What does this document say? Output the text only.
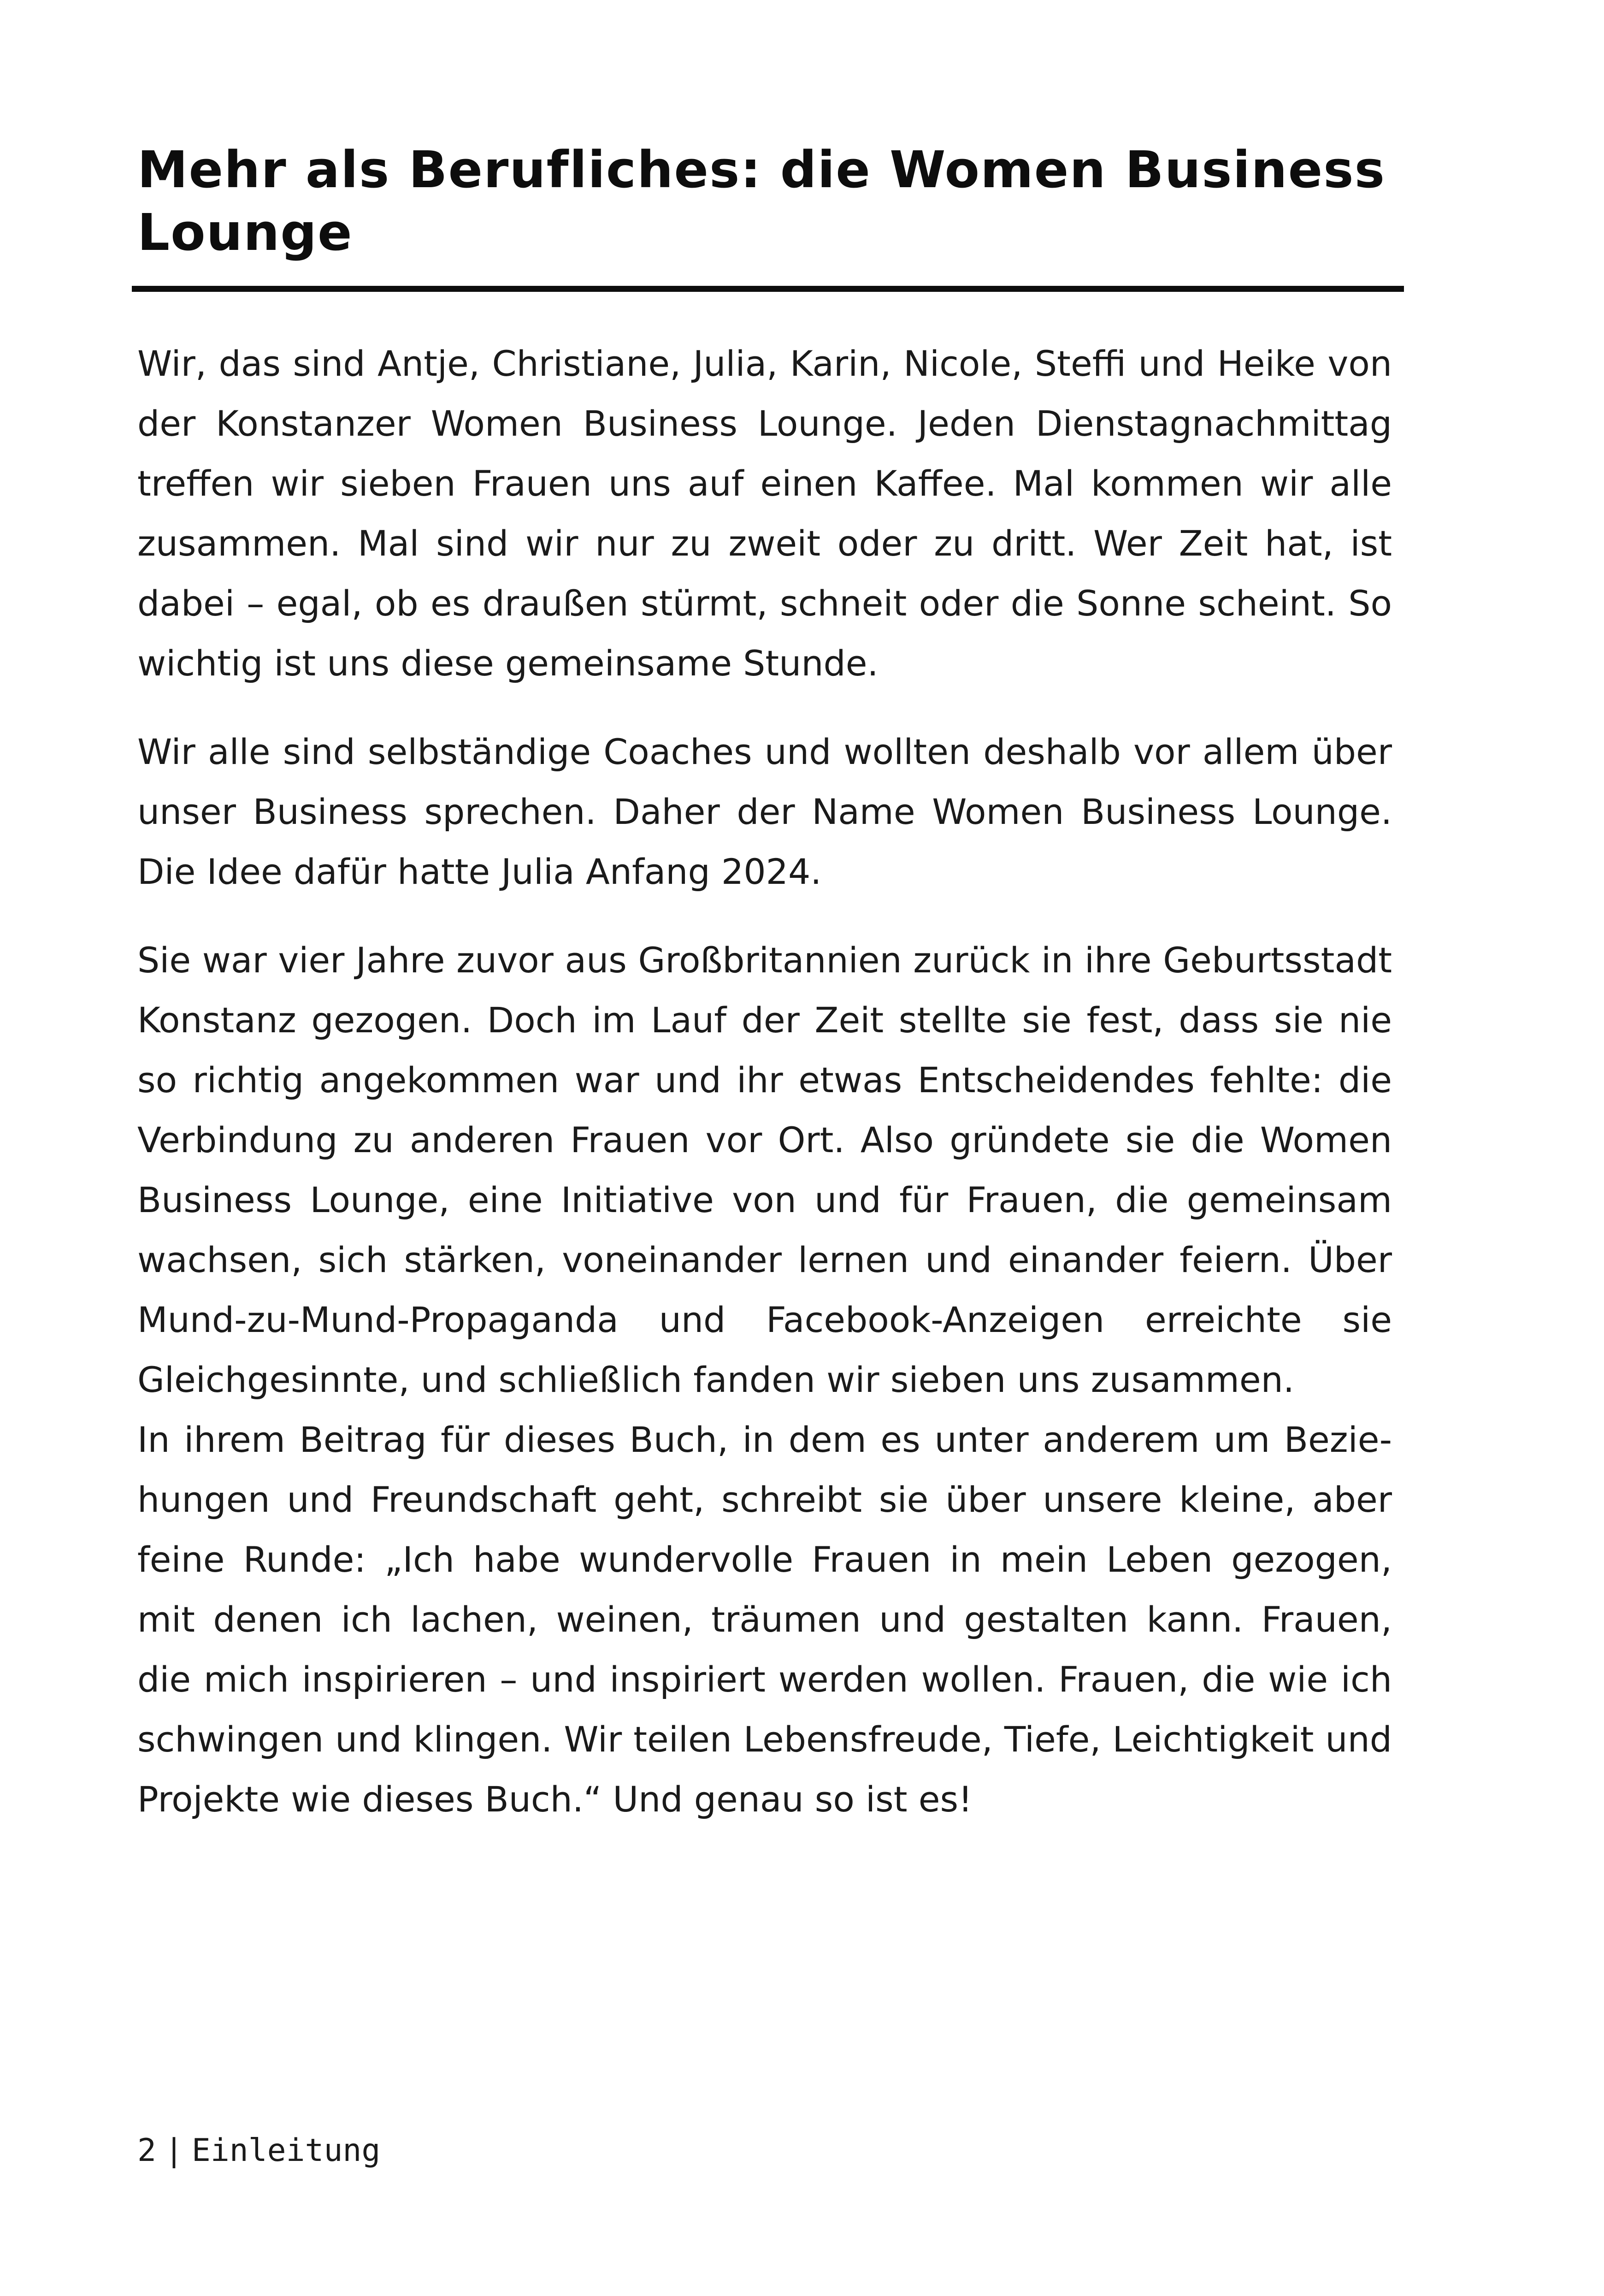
Mehr als Berufliches: die Women Business Lounge

Wir, das sind Antje, Christiane, Julia, Karin, Nicole, Steffi und Heike von der Konstanzer Women Business Lounge. Jeden Dienstagnachmittag treffen wir sieben Frauen uns auf einen Kaffee. Mal kommen wir alle zusammen. Mal sind wir nur zu zweit oder zu dritt. Wer Zeit hat, ist dabei – egal, ob es draußen stürmt, schneit oder die Sonne scheint. So wichtig ist uns diese gemeinsame Stunde.

Wir alle sind selbständige Coaches und wollten deshalb vor allem über unser Business sprechen. Daher der Name Women Business Lounge. Die Idee dafür hatte Julia Anfang 2024.

Sie war vier Jahre zuvor aus Großbritannien zurück in ihre Geburtsstadt Konstanz gezogen. Doch im Lauf der Zeit stellte sie fest, dass sie nie so richtig angekommen war und ihr etwas Entscheidendes fehlte: die Verbindung zu anderen Frauen vor Ort. Also gründete sie die Women Business Lounge, eine Initiative von und für Frauen, die gemeinsam wachsen, sich stärken, voneinander lernen und einander feiern. Über Mund-zu-Mund-Propaganda und Facebook-Anzeigen erreichte sie Gleichgesinnte, und schließlich fanden wir sieben uns zusammen.

In ihrem Beitrag für dieses Buch, in dem es unter anderem um Beziehungen und Freundschaft geht, schreibt sie über unsere kleine, aber feine Runde: „Ich habe wundervolle Frauen in mein Leben gezogen, mit denen ich lachen, weinen, träumen und gestalten kann. Frauen, die mich inspirieren – und inspiriert werden wollen. Frauen, die wie ich schwingen und klingen. Wir teilen Lebensfreude, Tiefe, Leichtigkeit und Projekte wie dieses Buch.“ Und genau so ist es!

2 | Einleitung
